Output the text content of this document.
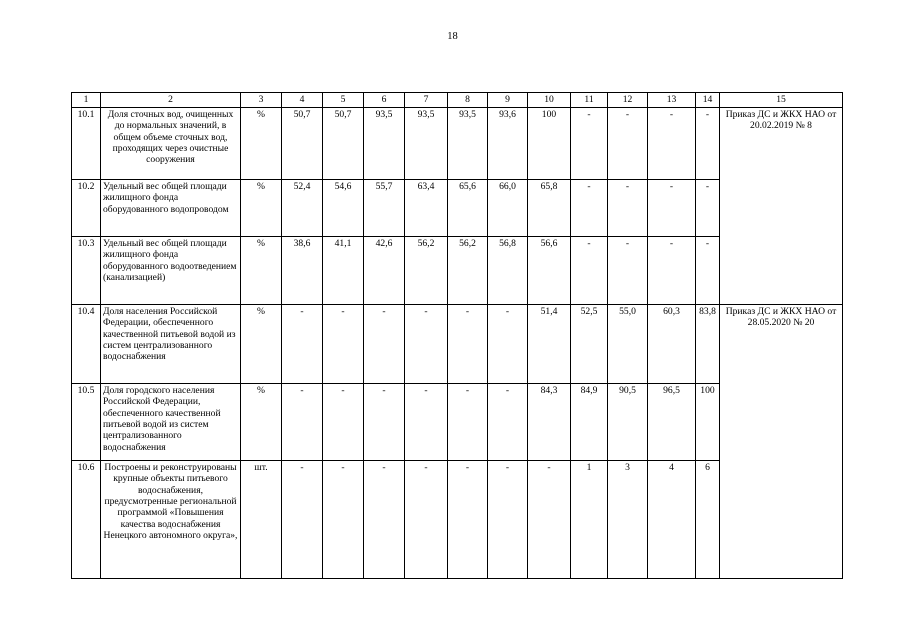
18
1	2	3	4	5	6	7	8	9	10	11	12	13	14	15
10.1	Доля сточных вод, очищенных до нормальных значений, в общем объеме сточных вод, проходящих через очистные сооружения	%	50,7	50,7	93,5	93,5	93,5	93,6	100	-	-	-	-	Приказ ДС и ЖКХ НАО от 20.02.2019 № 8
10.2	Удельный вес общей площади жилищного фонда оборудованного водопроводом	%	52,4	54,6	55,7	63,4	65,6	66,0	65,8	-	-	-	-	
10.3	Удельный вес общей площади жилищного фонда оборудованного водоотведением (канализацией)	%	38,6	41,1	42,6	56,2	56,2	56,8	56,6	-	-	-	-	
10.4	Доля населения Российской Федерации, обеспеченного качественной питьевой водой из систем централизованного водоснабжения	%	-	-	-	-	-	-	51,4	52,5	55,0	60,3	83,8	Приказ ДС и ЖКХ НАО от 28.05.2020 № 20
10.5	Доля городского населения Российской Федерации, обеспеченного качественной питьевой водой из систем централизованного водоснабжения	%	-	-	-	-	-	-	84,3	84,9	90,5	96,5	100	
10.6	Построены и реконструированы крупные объекты питьевого водоснабжения, предусмотренные региональной программой «Повышения качества водоснабжения Ненецкого автономного округа»,	шт.	-	-	-	-	-	-	-	1	3	4	6	
